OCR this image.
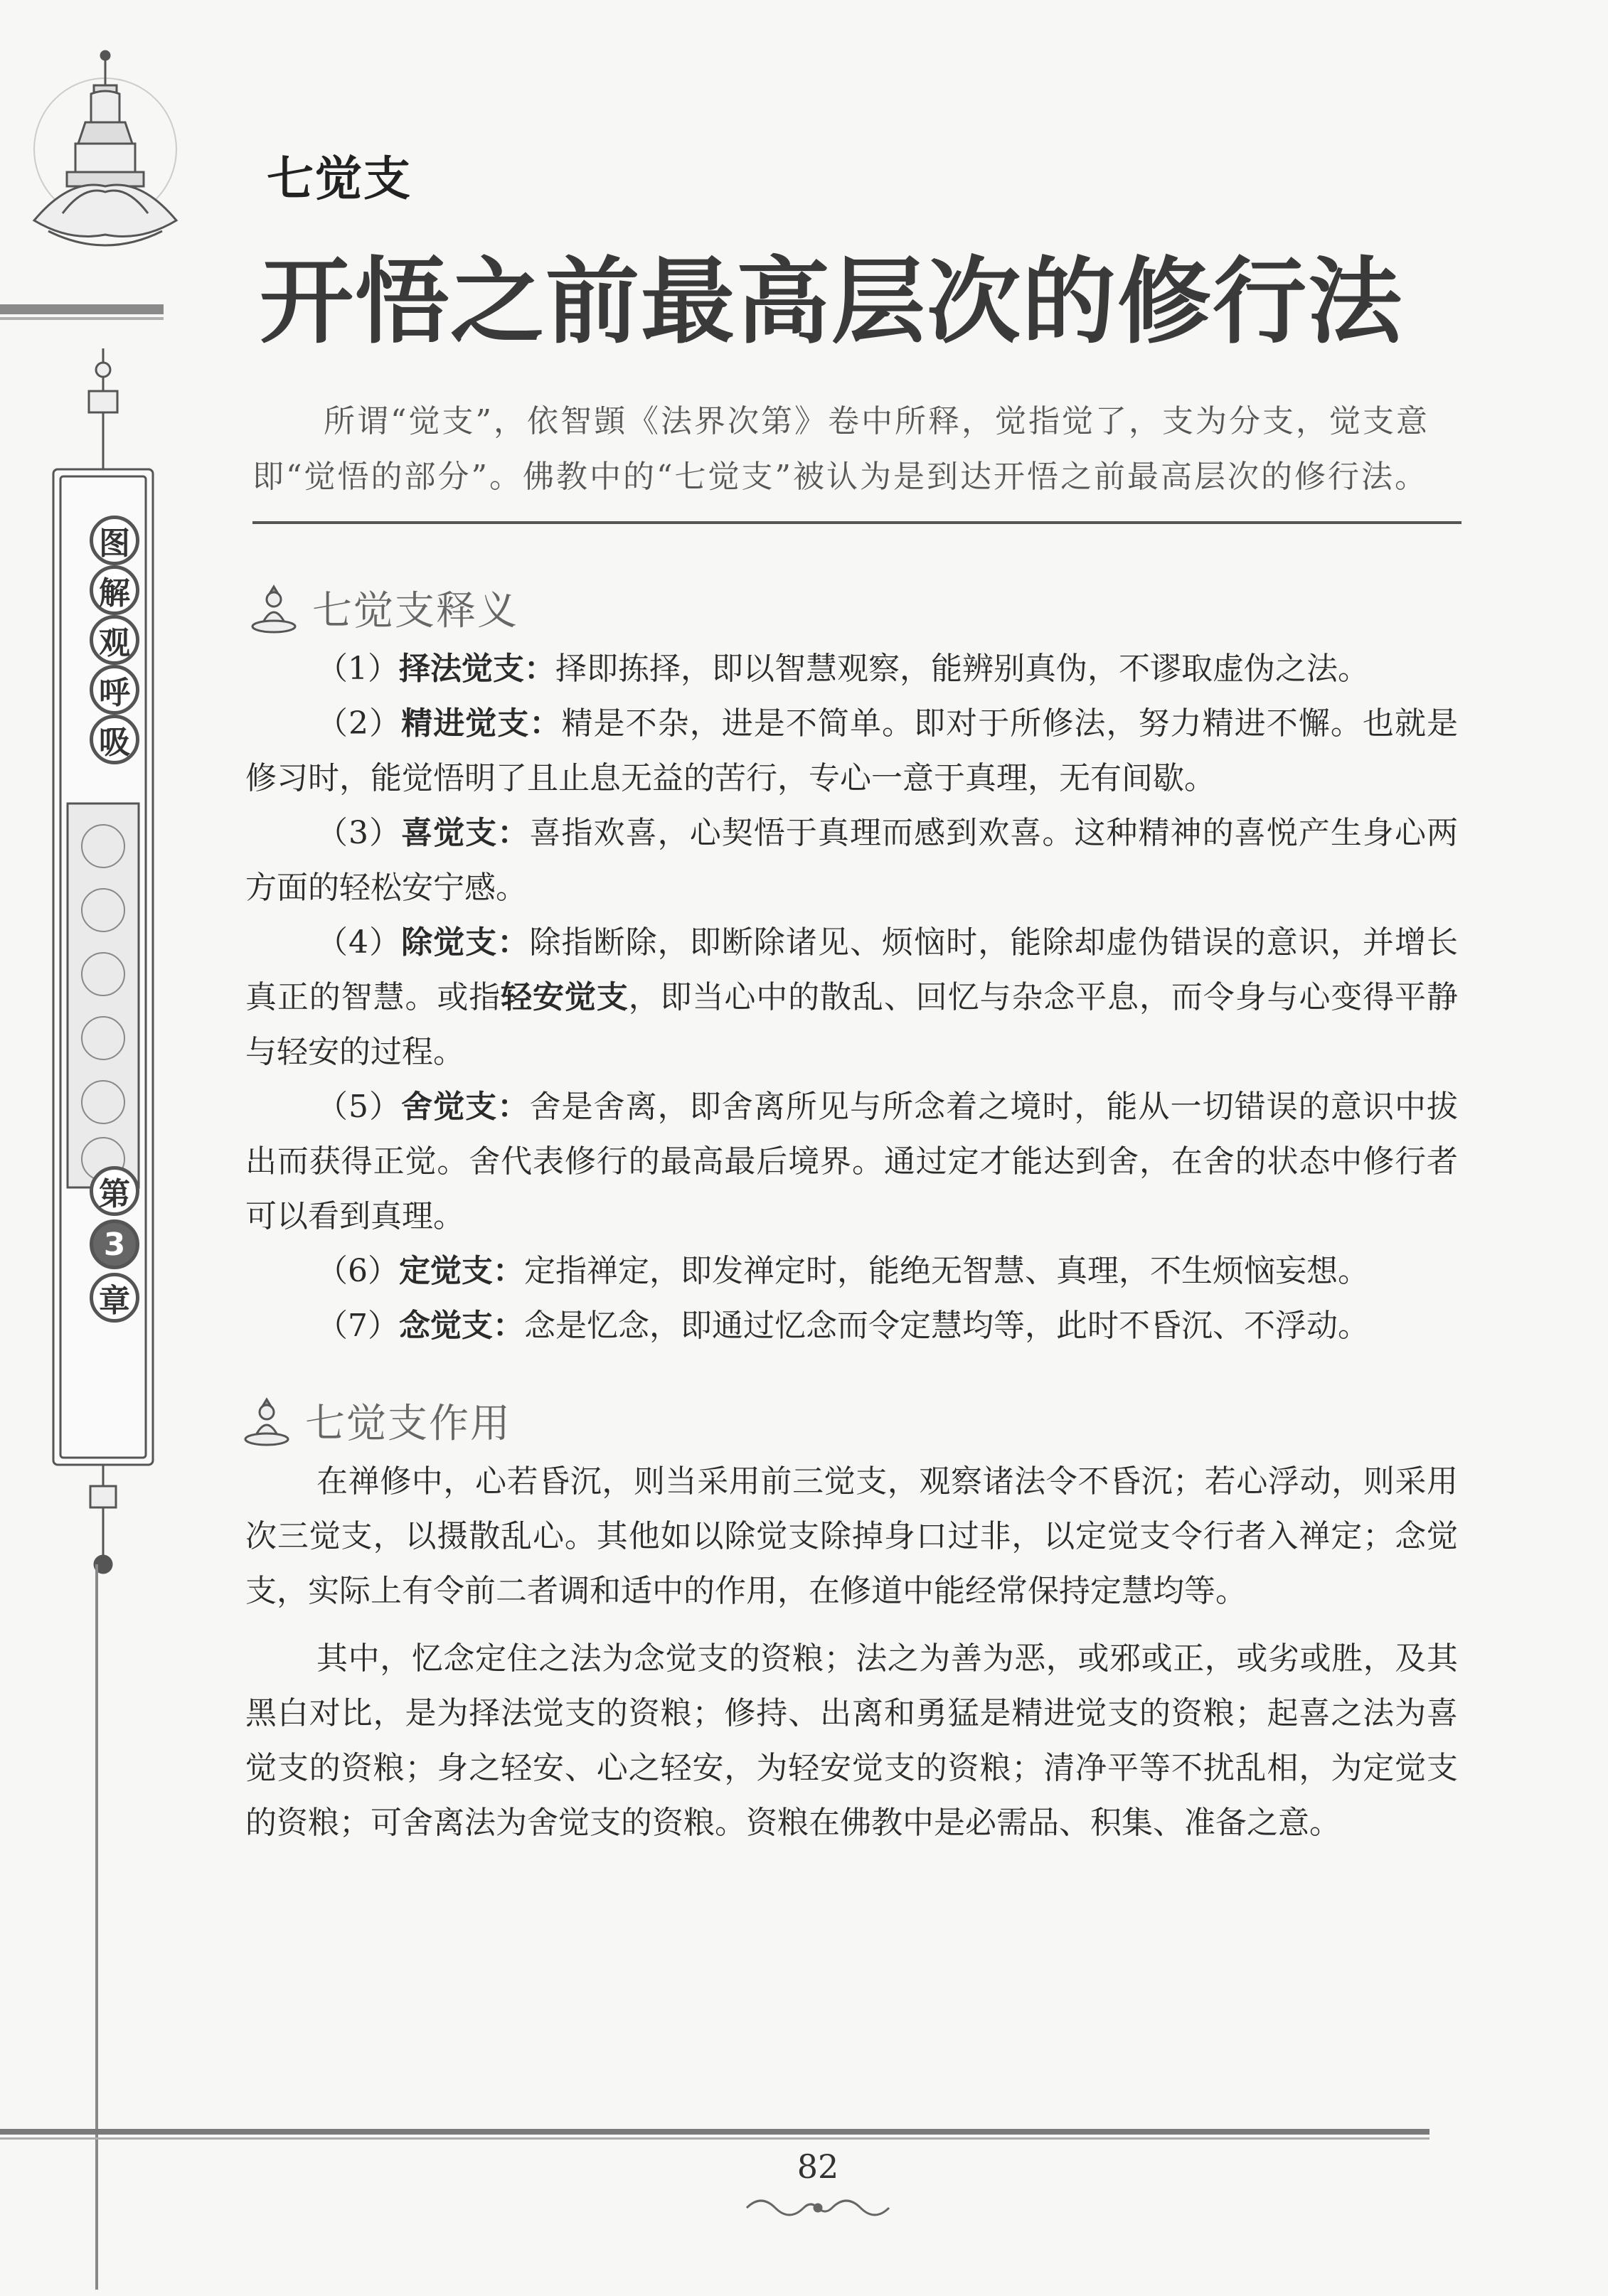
图
解
观
呼
吸
第
3
章
七觉支
开悟之前最高层次的修行法

所谓“觉支”，依智顗《法界次第》卷中所释，觉指觉了，支为分支，觉支意

即“觉悟的部分”。佛教中的“七觉支”被认为是到达开悟之前最高层次的修行法。

七觉支释义

（1）择法觉支：择即拣择，即以智慧观察，能辨别真伪，不谬取虚伪之法。

（2）精进觉支：精是不杂，进是不简单。即对于所修法，努力精进不懈。也就是修习时，能觉悟明了且止息无益的苦行，专心一意于真理，无有间歇。

（3）喜觉支：喜指欢喜，心契悟于真理而感到欢喜。这种精神的喜悦产生身心两方面的轻松安宁感。

（4）除觉支：除指断除，即断除诸见、烦恼时，能除却虚伪错误的意识，并增长真正的智慧。或指轻安觉支，即当心中的散乱、回忆与杂念平息，而令身与心变得平静与轻安的过程。

（5）舍觉支：舍是舍离，即舍离所见与所念着之境时，能从一切错误的意识中拔出而获得正觉。舍代表修行的最高最后境界。通过定才能达到舍，在舍的状态中修行者可以看到真理。

（6）定觉支：定指禅定，即发禅定时，能绝无智慧、真理，不生烦恼妄想。

（7）念觉支：念是忆念，即通过忆念而令定慧均等，此时不昏沉、不浮动。

七觉支作用

在禅修中，心若昏沉，则当采用前三觉支，观察诸法令不昏沉；若心浮动，则采用次三觉支，以摄散乱心。其他如以除觉支除掉身口过非，以定觉支令行者入禅定；念觉支，实际上有令前二者调和适中的作用，在修道中能经常保持定慧均等。

其中，忆念定住之法为念觉支的资粮；法之为善为恶，或邪或正，或劣或胜，及其黑白对比，是为择法觉支的资粮；修持、出离和勇猛是精进觉支的资粮；起喜之法为喜觉支的资粮；身之轻安、心之轻安，为轻安觉支的资粮；清净平等不扰乱相，为定觉支的资粮；可舍离法为舍觉支的资粮。资粮在佛教中是必需品、积集、准备之意。

82
